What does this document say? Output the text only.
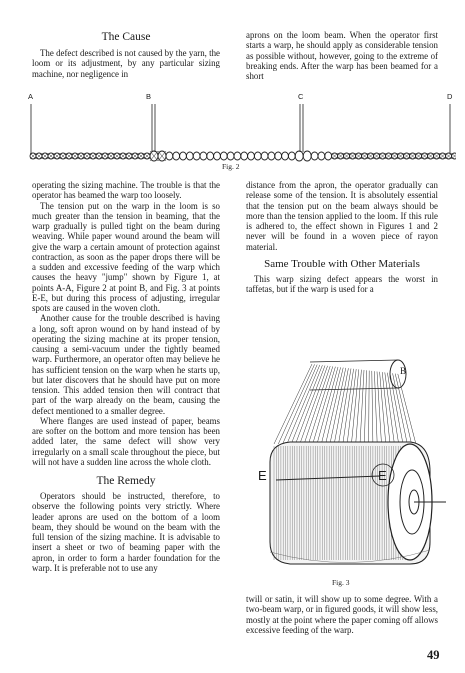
The Cause

The defect described is not caused by the yarn, the loom or its adjustment, by any particular sizing machine, nor negligence in

aprons on the loom beam. When the operator first starts a warp, he should apply as considerable tension as possible without, however, going to the extreme of breaking ends. After the warp has been beamed for a short

A	B	C	D
Fig. 2

operating the sizing machine. The trouble is that the operator has beamed the warp too loosely.

The tension put on the warp in the loom is so much greater than the tension in beaming, that the warp gradually is pulled tight on the beam during weaving. While paper wound around the beam will give the warp a certain amount of protection against contraction, as soon as the paper drops there will be a sudden and excessive feeding of the warp which causes the heavy "jump" shown by Figure 1, at points A-A, Figure 2 at point B, and Fig. 3 at points E-E, but during this process of adjusting, irregular spots are caused in the woven cloth.

Another cause for the trouble described is having a long, soft apron wound on by hand instead of by operating the sizing machine at its proper tension, causing a semi-vacuum under the tightly beamed warp. Furthermore, an operator often may believe he has sufficient tension on the warp when he starts up, but later discovers that he should have put on more tension. This added tension then will contract that part of the warp already on the beam, causing the defect mentioned to a smaller degree.

Where flanges are used instead of paper, beams are softer on the bottom and more tension has been added later, the same defect will show very irregularly on a small scale throughout the piece, but will not have a sudden line across the whole cloth.

The Remedy

Operators should be instructed, therefore, to observe the following points very strictly. Where leader aprons are used on the bottom of a loom beam, they should be wound on the beam with the full tension of the sizing machine. It is advisable to insert a sheet or two of beaming paper with the apron, in order to form a harder foundation for the warp. It is preferable not to use any

distance from the apron, the operator gradually can release some of the tension. It is absolutely essential that the tension put on the beam always should be more than the tension applied to the loom. If this rule is adhered to, the effect shown in Figures 1 and 2 never will be found in a woven piece of rayon material.

Same Trouble with Other Materials

This warp sizing defect appears the worst in taffetas, but if the warp is used for a

B
E	E
Fig. 3

twill or satin, it will show up to some degree. With a two-beam warp, or in figured goods, it will show less, mostly at the point where the paper coming off allows excessive feeding of the warp.

49
